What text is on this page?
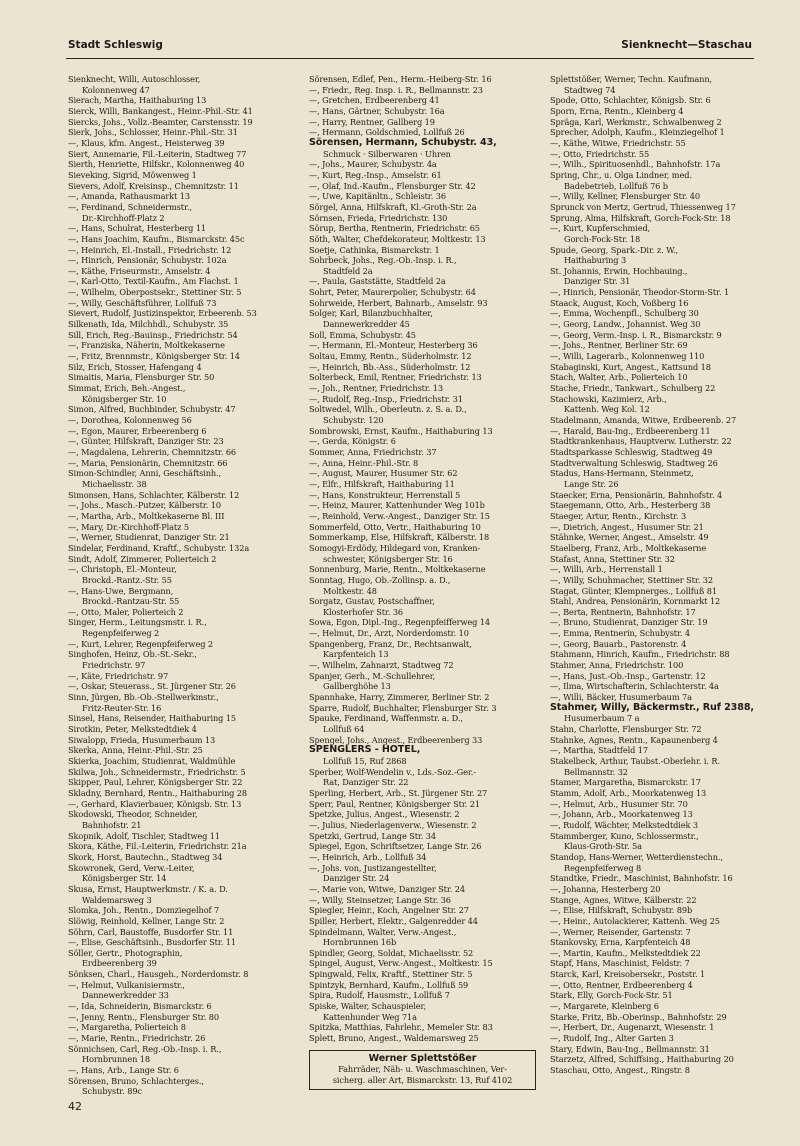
Stadt Schleswig	Sienknecht—Staschau

Sienknecht, Willi, Autoschlosser,

Kolonnenweg 47

Sierach, Martha, Haithaburing 13

Sierck, Willi, Bankangest., Heinr.-Phil.-Str. 41

Siercks, Johs., Vollz.-Beamter, Carstensstr. 19

Sierk, Johs., Schlosser, Heinr.-Phil.-Str. 31

—, Klaus, kfm. Angest., Heisterweg 39

Siert, Annemarie, Fil.-Leiterin, Stadtweg 77

Sierth, Henriette, Hilfskr., Kolonnenweg 40

Sieveking, Sigrid, Möwenweg 1

Sievers, Adolf, Kreisinsp., Chemnitzstr. 11

—, Amanda, Rathausmarkt 13

—, Ferdinand, Schneidermstr.,

Dr.-Kirchhoff-Platz 2

—, Hans, Schulrat, Hesterberg 11

—, Hans Joachim, Kaufm., Bismarckstr. 45c

—, Heinrich, El.-Install., Friedrichstr. 12

—, Hinrich, Pensionär, Schubystr. 102a

—, Käthe, Friseurmstr., Amselstr. 4

—, Karl-Otto, Textil-Kaufm., Am Flachst. 1

—, Wilhelm, Oberpostsekr., Stettiner Str. 5

—, Willy, Geschäftsführer, Lollfuß 73

Sievert, Rudolf, Justizinspektor, Erbeerenb. 53

Silkenath, Ida, Milchhdl., Schubystr. 35

Sill, Erich, Reg.-Bauinsp., Friedrichstr. 54

—, Franziska, Näherin, Moltkekaserne

—, Fritz, Brennmstr., Königsberger Str. 14

Silz, Erich, Stosser, Hafengang 4

Simaitis, Maria, Flensburger Str. 50

Simmat, Erich, Beh.-Angest.,

Königsberger Str. 10

Simon, Alfred, Buchbinder, Schubystr. 47

—, Dorothea, Kolonnenweg 56

—, Egon, Maurer, Erbeerenberg 6

—, Günter, Hilfskraft, Danziger Str. 23

—, Magdalena, Lehrerin, Chemnitzstr. 66

—, Maria, Pensionärin, Chemnitzstr. 66

Simon-Schindler, Anni, Geschäftsinh.,

Michaelisstr. 38

Simonsen, Hans, Schlachter, Kälberstr. 12

—, Johs., Masch.-Putzer, Kälberstr. 10

—, Martha, Arb., Moltkekaserne Bl. III

—, Mary, Dr.-Kirchhoff-Platz 5

—, Werner, Studienrat, Danziger Str. 21

Sindelar, Ferdinand, Kraftf., Schubystr. 132a

Sindt, Adolf, Zimmerer, Polierteich 2

—, Christoph, El.-Monteur,

Brockd.-Rantz.-Str. 55

—, Hans-Uwe, Bergmann,

Brockd.-Rantzau-Str. 55

—, Otto, Maler, Polierteich 2

Singer, Herm., Leitungsmstr. i. R.,

Regenpfeiferweg 2

—, Kurt, Lehrer, Regenpfeiferweg 2

Singhofen, Heinz, Ob.-St.-Sekr.,

Friedrichstr. 97

—, Käte, Friedrichstr. 97

—, Oskar, Steuerass., St. Jürgener Str. 26

Sinn, Jürgen, Bb.-Ob.-Stellwerkmstr.,

Fritz-Reuter-Str. 16

Sinsel, Hans, Reisender, Haithaburing 15

Sirotkin, Peter, Melkstedtdiek 4

Siwalopp, Frieda, Husumerbaum 13

Skerka, Anna, Heinr.-Phil.-Str. 25

Skierka, Joachim, Studienrat, Waldmühle

Skilwa, Joh., Schneidermstr., Friedrichstr. 5

Skipper, Paul, Lehrer, Königsberger Str. 22

Skladny, Bernhard, Rentn., Haithaburing 28

—, Gerhard, Klavierbauer, Königsb. Str. 13

Skodowski, Theodor, Schneider,

Bahnhofstr. 21

Skopnik, Adolf, Tischler, Stadtweg 11

Skora, Käthe, Fil.-Leiterin, Friedrichstr. 21a

Skork, Horst, Bautechn., Stadtweg 34

Skowronek, Gerd, Verw.-Leiter,

Königsberger Str. 14

Skusa, Ernst, Hauptwerkmstr. / K. a. D.

Waldemarsweg 3

Slomka, Joh., Rentn., Domziegelhof 7

Slöwig, Reinhold, Kellner, Lange Str. 2

Söhrn, Carl, Baustoffe, Busdorfer Str. 11

—, Elise, Geschäftsinh., Busdorfer Str. 11

Söller, Gertr., Photographin,

Erdbeerenberg 39

Sönksen, Charl., Hausgeh., Norderdomstr. 8

—, Helmut, Vulkanisiermstr.,

Dannewerkredder 33

—, Ida, Schneiderin, Bismarckstr. 6

—, Jenny, Rentn., Flensburger Str. 80

—, Margaretha, Polierteich 8

—, Marie, Rentn., Friedrichstr. 26

Sönnichsen, Carl, Reg.-Ob.-Insp. i. R.,

Hornbrunnen 18

—, Hans, Arb., Lange Str. 6

Sörensen, Bruno, Schlachterges.,

Schubystr. 89c

Sörensen, Edlef, Pen., Herm.-Heiberg-Str. 16

—, Friedr., Reg. Insp. i. R., Bellmannstr. 23

—, Gretchen, Erdbeerenberg 41

—, Hans, Gärtner, Schubystr. 16a

—, Harry, Rentner, Gallberg 19

—, Hermann, Goldschmied, Lollfuß 26

Sörensen, Hermann, Schubystr. 43,

Schmuck · Silberwaren · Uhren

—, Johs., Maurer, Schubystr. 4a

—, Kurt, Reg.-Insp., Amselstr. 61

—, Olaf, Ind.-Kaufm., Flensburger Str. 42

—, Uwe, Kapitänltn., Schleistr. 36

Sörgel, Anna, Hilfskraft, Kl.-Groth-Str. 2a

Sörnsen, Frieda, Friedrichstr. 130

Sörup, Bertha, Rentnerin, Friedrichstr. 65

Söth, Walter, Chefdekorateur, Moltkestr. 13

Soetje, Cathinka, Bismarckstr. 1

Sohrbeck, Johs., Reg.-Ob.-Insp. i. R.,

Stadtfeld 2a

—, Paula, Gaststätte, Stadtfeld 2a

Sohrt, Peter, Maurerpolier, Schubystr. 64

Sohrweide, Herbert, Bahnarb., Amselstr. 93

Solger, Karl, Bilanzbuchhalter,

Dannewerkredder 45

Soll, Emma, Schubystr. 45

—, Hermann, El.-Monteur, Hesterberg 36

Soltau, Emmy, Rentn., Süderholmstr. 12

—, Heinrich, Bb.-Ass., Süderholmstr. 12

Solterbeck, Emil, Rentner, Friedrichstr. 13

—, Joh., Rentner, Friedrichstr. 13

—, Rudolf, Reg.-Insp., Friedrichstr. 31

Soltwedel, Wilh., Oberleutn. z. S. a. D.,

Schubystr. 120

Sombrowski, Ernst, Kaufm., Haithaburing 13

—, Gerda, Königstr. 6

Sommer, Anna, Friedrichstr. 37

—, Anna, Heinr.-Phil.-Str. 8

—, August, Maurer, Husumer Str. 62

—, Elfr., Hilfskraft, Haithaburing 11

—, Hans, Konstrukteur, Herrenstall 5

—, Heinz, Maurer, Kattenhunder Weg 101b

—, Reinhold, Verw.-Angest., Danziger Str. 15

Sommerfeld, Otto, Vertr., Haithaburing 10

Sommerkamp, Else, Hilfskraft, Kälberstr. 18

Somogyi-Erdödy, Hildegard von, Kranken-

schwester, Königsberger Str. 16

Sonnenburg, Marie, Rentn., Moltkekaserne

Sonntag, Hugo, Ob.-Zollinsp. a. D.,

Moltkestr. 48

Sorgatz, Gustav, Postschaffner,

Klosterhofer Str. 36

Sowa, Egon, Dipl.-Ing., Regenpfeifferweg 14

—, Helmut, Dr., Arzt, Norderdomstr. 10

Spangenberg, Franz, Dr., Rechtsanwalt,

Karpfenteich 13

—, Wilhelm, Zahnarzt, Stadtweg 72

Spanjer, Gerh., M.-Schullehrer,

Gallberghöhe 13

Spannhake, Harry, Zimmerer, Berliner Str. 2

Sparre, Rudolf, Buchhalter, Flensburger Str. 3

Spauke, Ferdinand, Waffenmstr. a. D.,

Lollfuß 64

Spengel, Johs., Angest., Erdbeerenberg 33

SPENGLERS - HOTEL,

Lollfuß 15, Ruf 2868

Sperber, Wolf-Wendelin v., Lds.-Soz.-Ger.-

Rat, Danziger Str. 22

Sperling, Herbert, Arb., St. Jürgener Str. 27

Sperr, Paul, Rentner, Königsberger Str. 21

Spetzke, Julius, Angest., Wiesenstr. 2

—, Julius, Niederlagenverw., Wiesenstr. 2

Spetzki, Gertrud, Lange Str. 34

Spiegel, Egon, Schriftsetzer, Lange Str. 26

—, Heinrich, Arb., Lollfuß 34

—, Johs. von, Justizangestellter,

Danziger Str. 24

—, Marie von, Witwe, Danziger Str. 24

—, Willy, Steinsetzer, Lange Str. 36

Spiegler, Heinr., Koch, Angelner Str. 27

Spiller, Herbert, Elektr., Galgenredder 44

Spindelmann, Walter, Verw.-Angest.,

Hornbrunnen 16b

Spindler, Georg, Soldat, Michaelisstr. 52

Spingel, August, Verw.-Angest., Moltkestr. 15

Spingwald, Felix, Kraftf., Stettiner Str. 5

Spintzyk, Bernhard, Kaufm., Lollfuß 59

Spira, Rudolf, Hausmstr., Lollfuß 7

Spiske, Walter, Schauspieler,

Kattenhunder Weg 71a

Spitzka, Matthias, Fahrlehr., Memeler Str. 83

Splett, Bruno, Angest., Waldemarsweg 25

Werner Splettstößer

Fahrräder, Näh- u. Waschmaschinen, Ver-

sicherg. aller Art, Bismarckstr. 13, Ruf 4102

Splettstößer, Werner, Techn. Kaufmann,

Stadtweg 74

Spode, Otto, Schlachter, Königsb. Str. 6

Sporn, Erna, Rentn., Kleinberg 4

Spräga, Karl, Werkmstr., Schwalbenweg 2

Sprecher, Adolph, Kaufm., Kleinziegelhof 1

—, Käthe, Witwe, Friedrichstr. 55

—, Otto, Friedrichstr. 55

—, Wilh., Spirituosenhdl., Bahnhofstr. 17a

Spring, Chr., u. Olga Lindner, med.

Badebetrieb, Lollfuß 76 b

—, Willy, Kellner, Flensburger Str. 40

Sprunck von Mertz, Gertrud, Thiessenweg 17

Sprung, Alma, Hilfskraft, Gorch-Fock-Str. 18

—, Kurt, Kupferschmied,

Gorch-Fock-Str. 18

Spude, Georg, Spark.-Dir. z. W.,

Haithaburing 3

St. Johannis, Erwin, Hochbauing.,

Danziger Str. 31

—, Hinrich, Pensionär, Theodor-Storm-Str. 1

Staack, August, Koch, Voßberg 16

—, Emma, Wochenpfl., Schulberg 30

—, Georg, Landw., Johannist. Weg 30

—, Georg, Verm.-Insp. i. R., Bismarckstr. 9

—, Johs., Rentner, Berliner Str. 69

—, Willi, Lagerarb., Kolonnenweg 110

Stabaginski, Kurt, Angest., Kattsund 18

Stach, Walter, Arb., Polierteich 10

Stache, Friedr., Tankwart., Schulberg 22

Stachowski, Kazimierz, Arb.,

Kattenh. Weg Kol. 12

Stadelmann, Amanda, Witwe, Erdbeerenb. 27

—, Harald, Bau-Ing., Erdbeerenberg 11

Stadtkrankenhaus, Hauptverw. Lutherstr. 22

Stadtsparkasse Schleswig, Stadtweg 49

Stadtverwaltung Schleswig, Stadtweg 26

Stadus, Hans-Hermann, Steinmetz,

Lange Str. 26

Staecker, Erna, Pensionärin, Bahnhofstr. 4

Staegemann, Otto, Arb., Hesterberg 38

Staeger, Artur, Rentn., Kirchstr. 3

—, Dietrich, Angest., Husumer Str. 21

Stähnke, Werner, Angest., Amselstr. 49

Staelberg, Franz, Arb., Moltkekaserne

Stafast, Anna, Stettiner Str. 32

—, Willi, Arb., Herrenstall 1

—, Willy, Schuhmacher, Stettiner Str. 32

Stagat, Günter, Klempnerges., Lollfuß 81

Stahl, Andrea, Pensionärin, Kornmarkt 12

—, Berta, Rentnerin, Bahnhofstr. 17

—, Bruno, Studienrat, Danziger Str. 19

—, Emma, Rentnerin, Schubystr. 4

—, Georg, Bauarb., Pastorenstr. 4

Stahmann, Hinrich, Kaufm., Friedrichstr. 88

Stahmer, Anna, Friedrichstr. 100

—, Hans, Just.-Ob.-Insp., Gartenstr. 12

—, Ilma, Wirtschafterin, Schlachterstr. 4a

—, Willi, Bäcker, Husumerbaum 7a

Stahmer, Willy, Bäckermstr., Ruf 2388,

Husumerbaum 7 a

Stahn, Charlotte, Flensburger Str. 72

Stahnke, Agnes, Rentn., Kapaunenberg 4

—, Martha, Stadtfeld 17

Stakelbeck, Arthur, Taubst.-Oberlehr. i. R.

Bellmannstr. 32

Stamer, Margaretha, Bismarckstr. 17

Stamm, Adolf, Arb., Moorkatenweg 13

—, Helmut, Arb., Husumer Str. 70

—, Johann, Arb., Moorkatenweg 13

—, Rudolf, Wächter, Melkstedtdiek 3

Stammberger, Kuno, Schlossermstr.,

Klaus-Groth-Str. 5a

Standop, Hans-Werner, Wetterdienstechn.,

Regenpfeiferweg 8

Standtke, Friedr., Maschinist, Bahnhofstr. 16

—, Johanna, Hesterberg 20

Stange, Agnes, Witwe, Kälberstr. 22

—, Elise, Hilfskraft, Schubystr. 89b

—, Heinr., Autolackierer, Kattenh. Weg 25

—, Werner, Reisender, Gartenstr. 7

Stankovsky, Erna, Karpfenteich 48

—, Martin, Kaufm., Melkstedtdiek 22

Stapf, Hans, Maschinist, Feldstr. 7

Starck, Karl, Kreisobersekr., Poststr. 1

—, Otto, Rentner, Erdbeerenberg 4

Stark, Elly, Gorch-Fock-Str. 51

—, Margarete, Kleinberg 6

Starke, Fritz, Bb.-Oberinsp., Bahnhofstr. 29

—, Herbert, Dr., Augenarzt, Wiesenstr. 1

—, Rudolf, Ing., Alter Garten 3

Stary, Edwin, Bau-Ing., Bellmannstr. 31

Starzetz, Alfred, Schiffsing., Haithaburing 20

Staschau, Otto, Angest., Ringstr. 8

42
